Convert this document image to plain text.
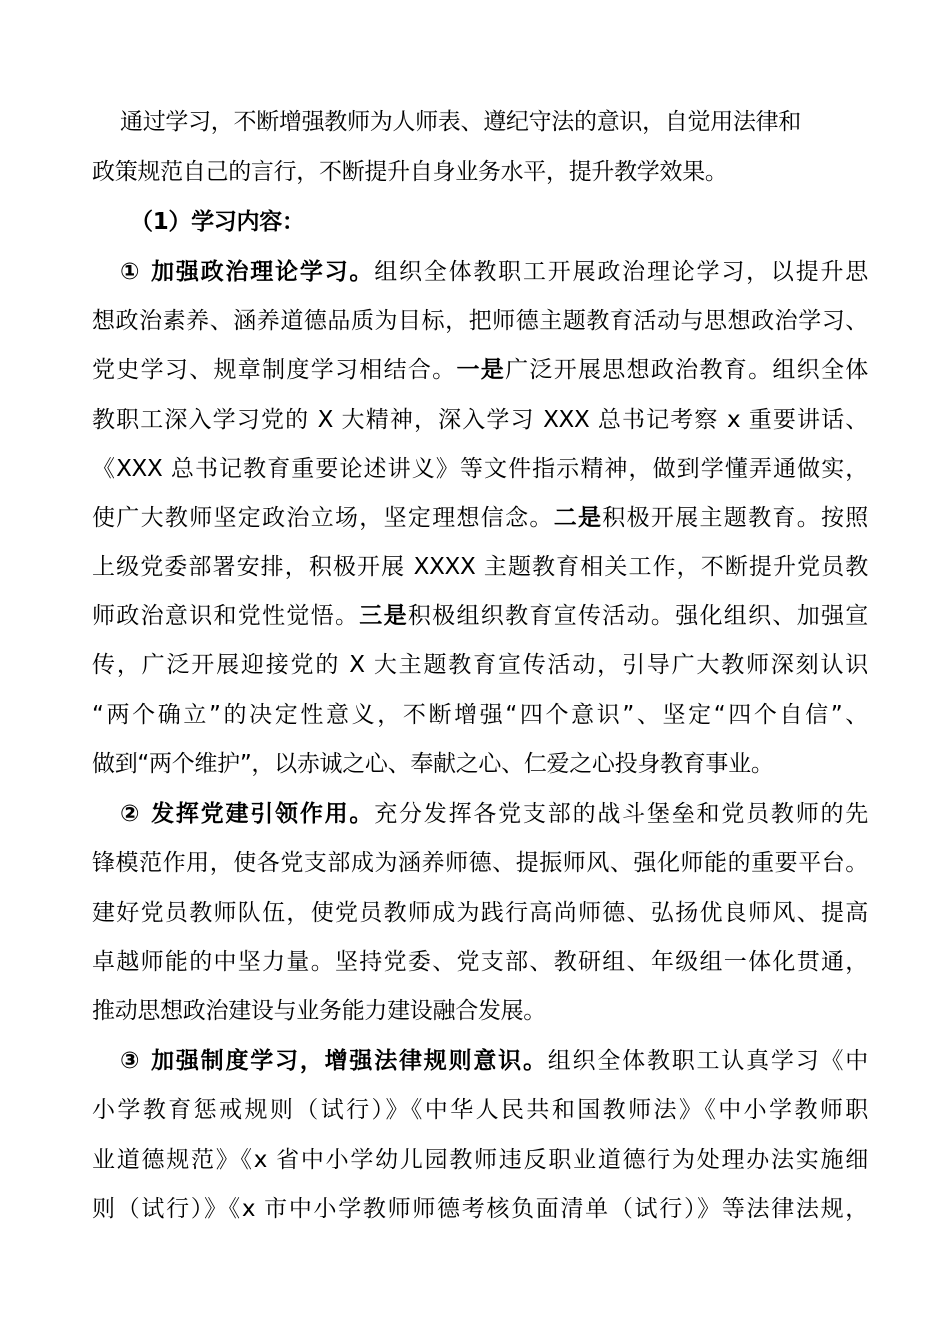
通过学习，不断增强教师为人师表、遵纪守法的意识，自觉用法律和
政策规范自己的言行，不断提升自身业务水平，提升教学效果。
（1）学习内容：
① 加强政治理论学习。组织全体教职工开展政治理论学习，以提升思
想政治素养、涵养道德品质为目标，把师德主题教育活动与思想政治学习、
党史学习、规章制度学习相结合。一是广泛开展思想政治教育。组织全体
教职工深入学习党的 X 大精神，深入学习 XXX 总书记考察 x 重要讲话、
《XXX 总书记教育重要论述讲义》等文件指示精神，做到学懂弄通做实，
使广大教师坚定政治立场，坚定理想信念。二是积极开展主题教育。按照
上级党委部署安排，积极开展 XXXX 主题教育相关工作，不断提升党员教
师政治意识和党性觉悟。三是积极组织教育宣传活动。强化组织、加强宣
传，广泛开展迎接党的 X 大主题教育宣传活动，引导广大教师深刻认识
“两个确立”的决定性意义，不断增强“四个意识”、坚定“四个自信”、
做到“两个维护”，以赤诚之心、奉献之心、仁爱之心投身教育事业。
② 发挥党建引领作用。充分发挥各党支部的战斗堡垒和党员教师的先
锋模范作用，使各党支部成为涵养师德、提振师风、强化师能的重要平台。
建好党员教师队伍，使党员教师成为践行高尚师德、弘扬优良师风、提高
卓越师能的中坚力量。坚持党委、党支部、教研组、年级组一体化贯通，
推动思想政治建设与业务能力建设融合发展。
③ 加强制度学习，增强法律规则意识。组织全体教职工认真学习《中
小学教育惩戒规则（试行）》《中华人民共和国教师法》《中小学教师职
业道德规范》《x 省中小学幼儿园教师违反职业道德行为处理办法实施细
则（试行）》《x 市中小学教师师德考核负面清单（试行）》等法律法规，
